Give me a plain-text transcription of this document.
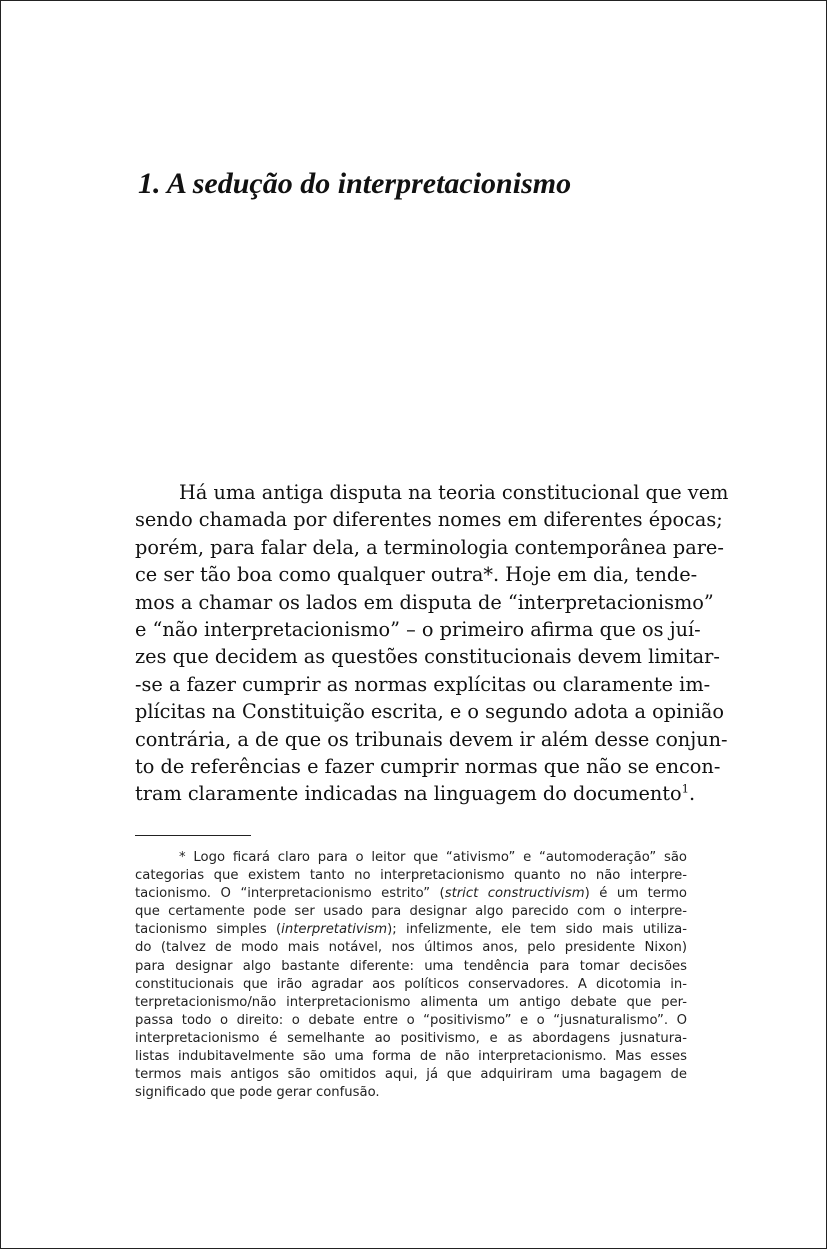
1. A sedução do interpretacionismo
Há uma antiga disputa na teoria constitucional que vem
sendo chamada por diferentes nomes em diferentes épocas;
porém, para falar dela, a terminologia contemporânea pare-
ce ser tão boa como qualquer outra*. Hoje em dia, tende-
mos a chamar os lados em disputa de “interpretacionismo”
e “não interpretacionismo” – o primeiro afirma que os juí-
zes que decidem as questões constitucionais devem limitar-
-se a fazer cumprir as normas explícitas ou claramente im-
plícitas na Constituição escrita, e o segundo adota a opinião
contrária, a de que os tribunais devem ir além desse conjun-
to de referências e fazer cumprir normas que não se encon-
tram claramente indicadas na linguagem do documento$^1$.
* Logo ficará claro para o leitor que “ativismo” e “automoderação” são
categorias que existem tanto no interpretacionismo quanto no não interpre-
tacionismo. O “interpretacionismo estrito” (strict constructivism) é um termo
que certamente pode ser usado para designar algo parecido com o interpre-
tacionismo simples (interpretativism); infelizmente, ele tem sido mais utiliza-
do (talvez de modo mais notável, nos últimos anos, pelo presidente Nixon)
para designar algo bastante diferente: uma tendência para tomar decisões
constitucionais que irão agradar aos políticos conservadores. A dicotomia in-
terpretacionismo/não interpretacionismo alimenta um antigo debate que per-
passa todo o direito: o debate entre o “positivismo” e o “jusnaturalismo”. O
interpretacionismo é semelhante ao positivismo, e as abordagens jusnatura-
listas indubitavelmente são uma forma de não interpretacionismo. Mas esses
termos mais antigos são omitidos aqui, já que adquiriram uma bagagem de
significado que pode gerar confusão.
